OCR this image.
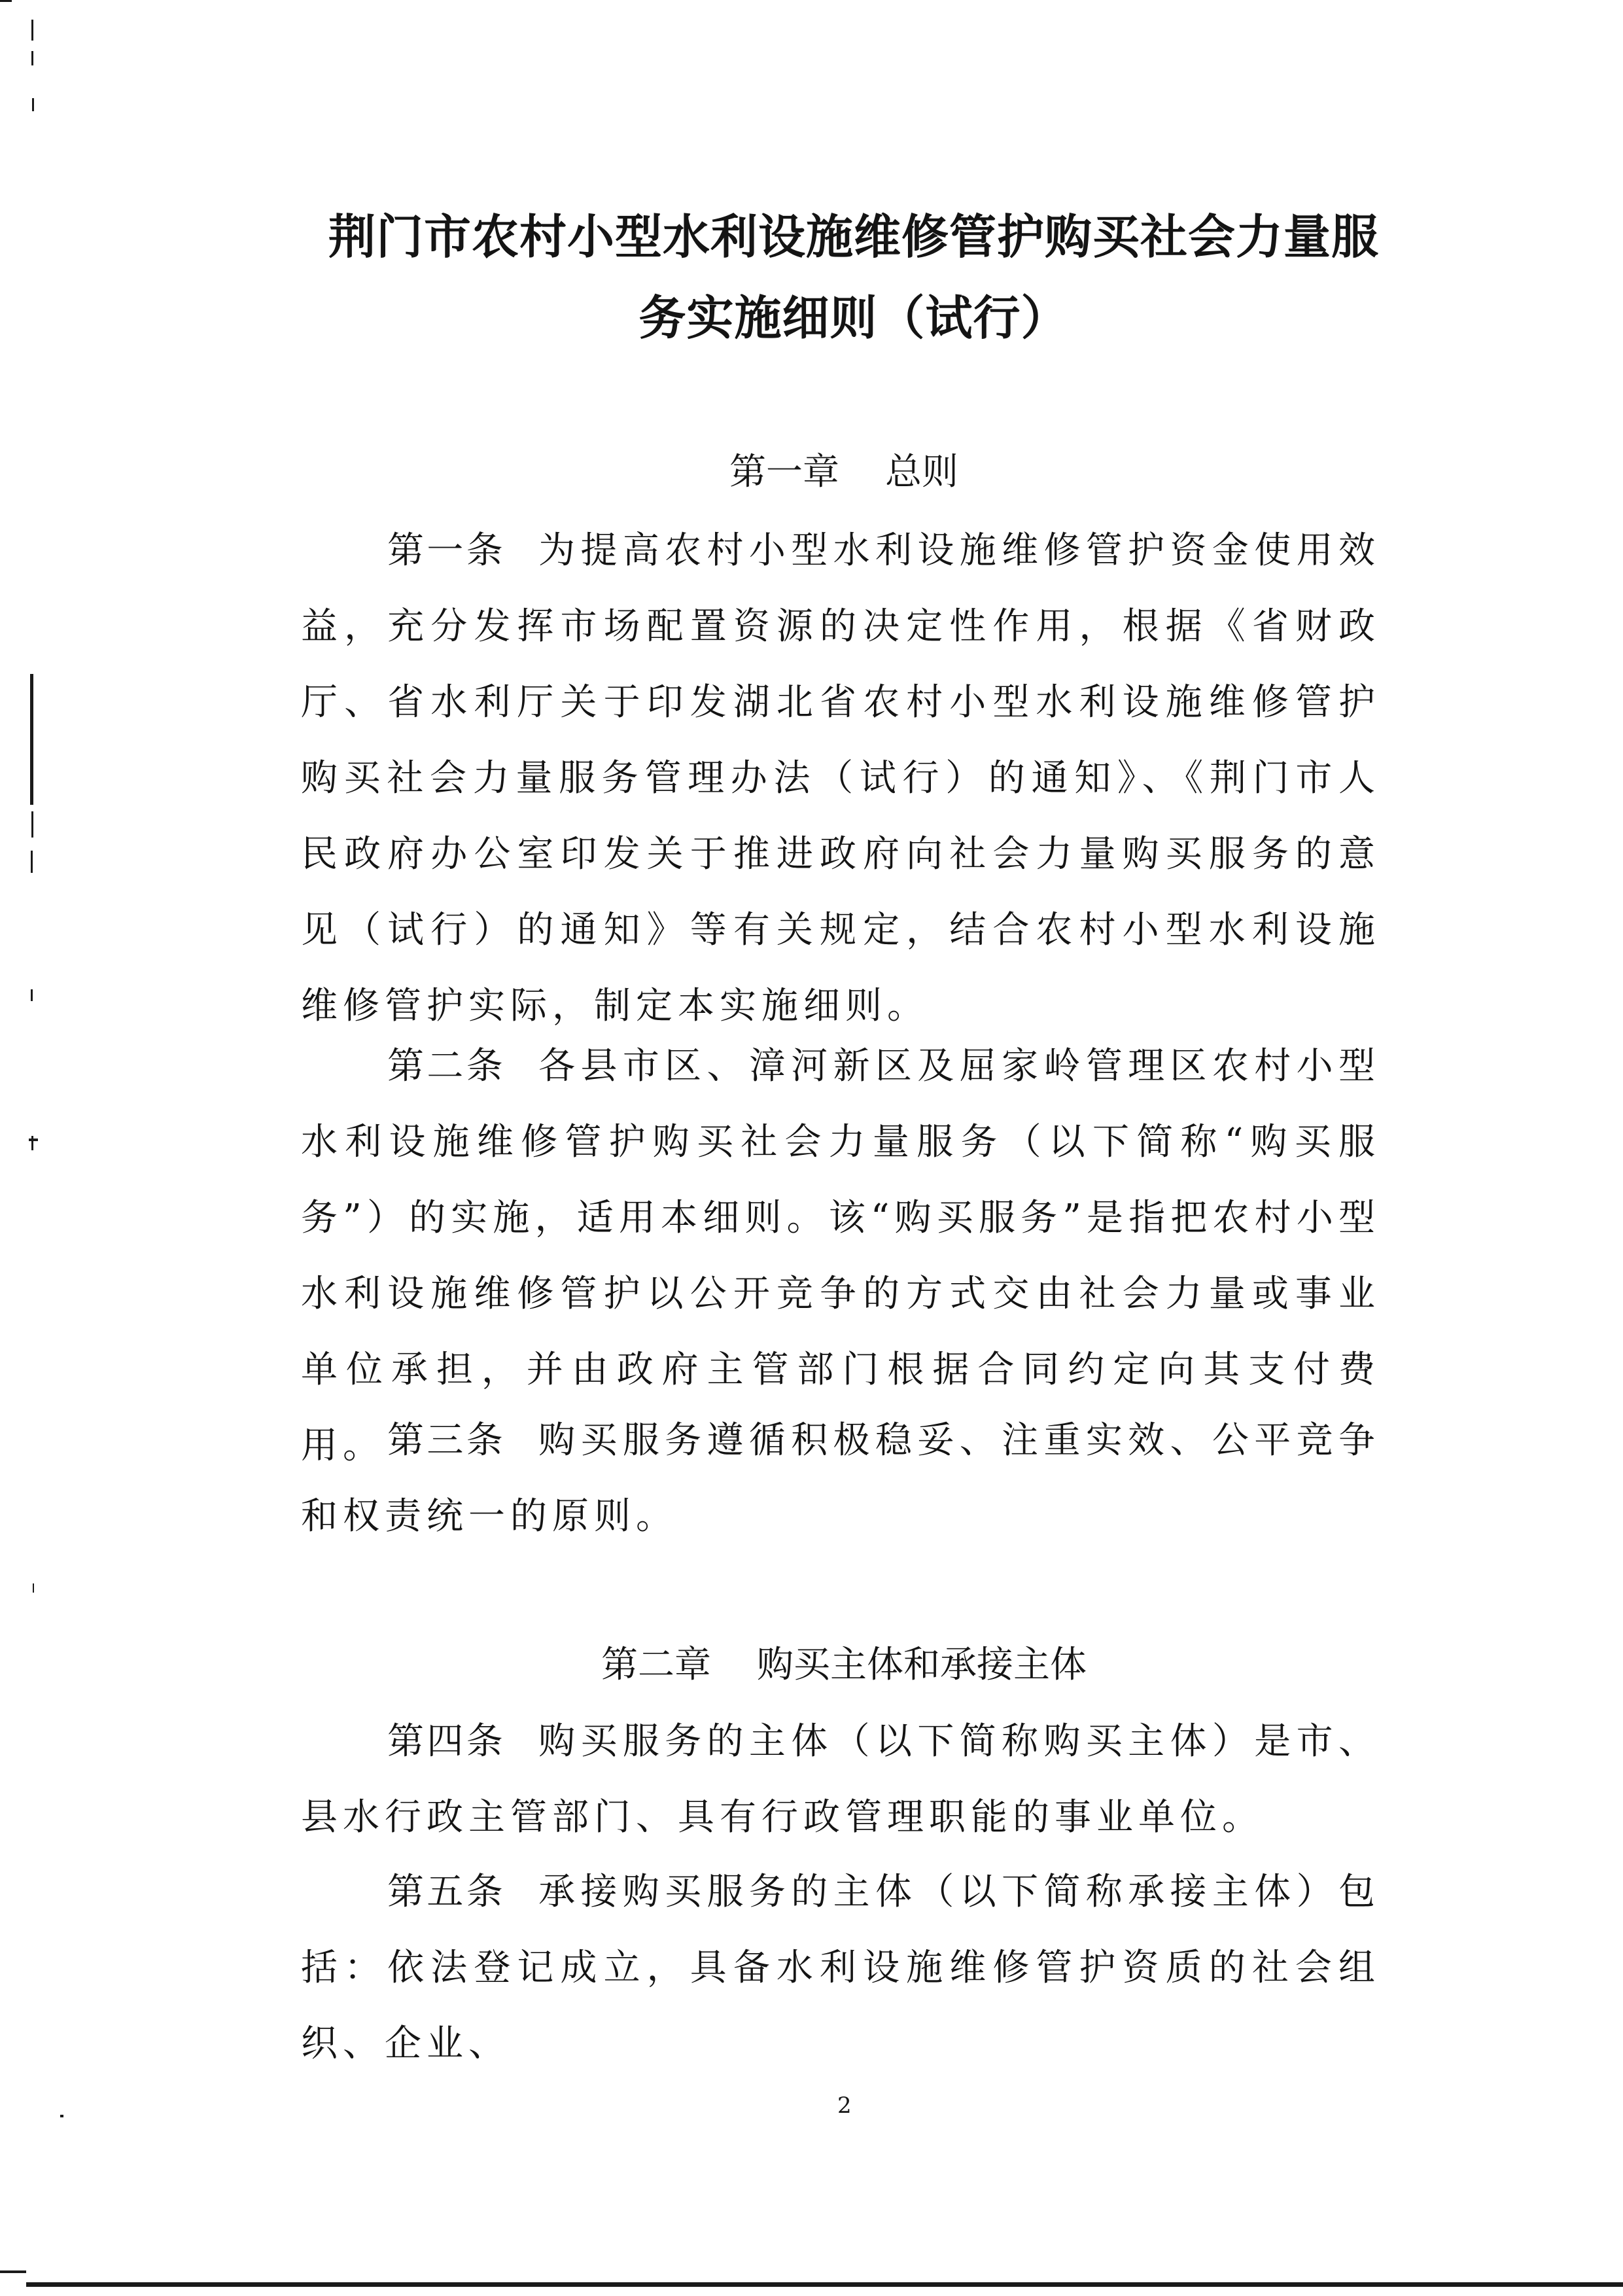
荆门市农村小型水利设施维修管护购买社会力量服
务实施细则（试行）
第一章 总则
第一条 为提高农村小型水利设施维修管护资金使用效益，充分发挥市场配置资源的决定性作用，根据《省财政厅、省水利厅关于印发湖北省农村小型水利设施维修管护购买社会力量服务管理办法（试行）的通知》、《荆门市人民政府办公室印发关于推进政府向社会力量购买服务的意见（试行）的通知》等有关规定，结合农村小型水利设施维修管护实际，制定本实施细则。
第二条 各县市区、漳河新区及屈家岭管理区农村小型水利设施维修管护购买社会力量服务（以下简称“购买服务”）的实施，适用本细则。该“购买服务”是指把农村小型水利设施维修管护以公开竞争的方式交由社会力量或事业单位承担，并由政府主管部门根据合同约定向其支付费用。 第三条 购买服务遵循积极稳妥、注重实效、公平竞争和权责统一的原则。
第二章 购买主体和承接主体
第四条 购买服务的主体（以下简称购买主体）是市、县水行政主管部门、具有行政管理职能的事业单位。
第五条 承接购买服务的主体（以下简称承接主体）包括：依法登记成立，具备水利设施维修管护资质的社会组织、企业、
2
